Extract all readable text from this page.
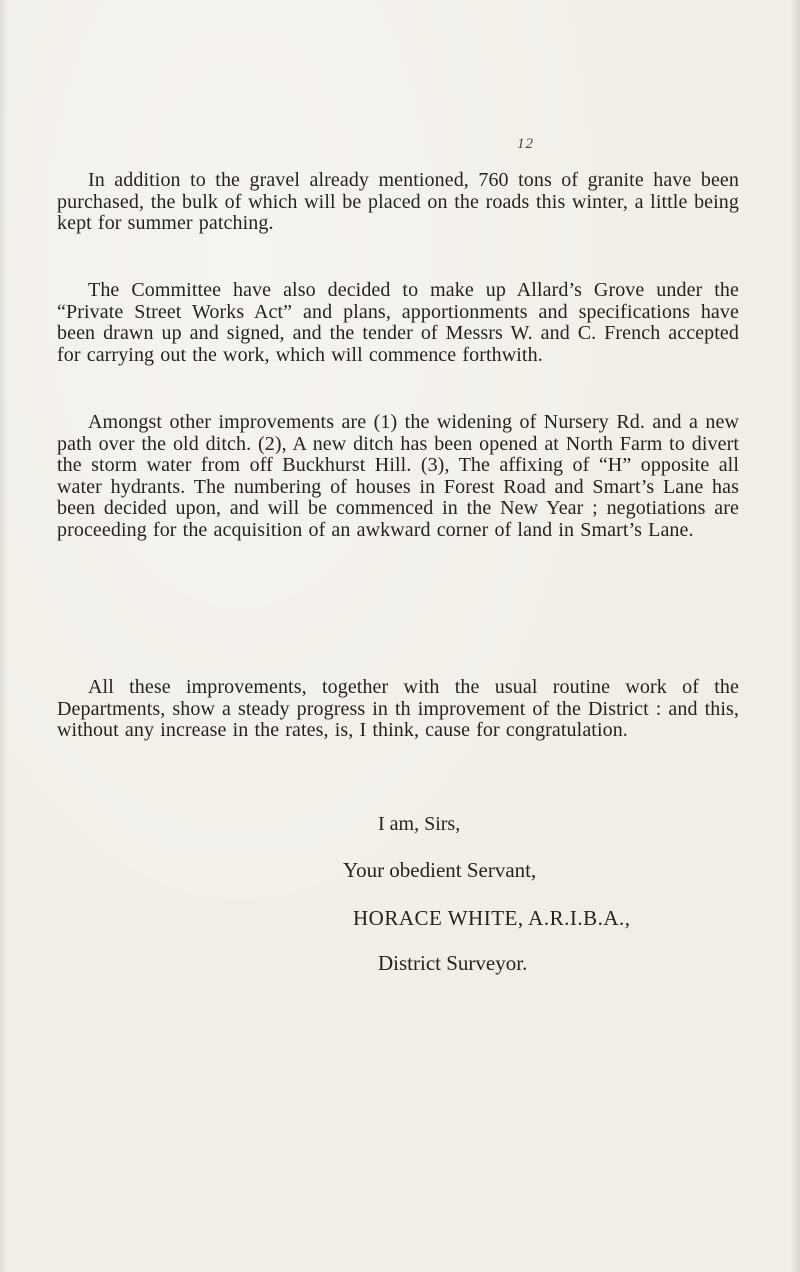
12

In addition to the gravel already mentioned, 760 tons of granite have been purchased, the bulk of which will be placed on the roads this winter, a little being kept for summer patching.

The Committee have also decided to make up Allard’s Grove under the “Private Street Works Act” and plans, apportionments and specifications have been drawn up and signed, and the tender of Messrs W. and C. French accepted for carrying out the work, which will commence forthwith.

Amongst other improvements are (1) the widening of Nursery Rd. and a new path over the old ditch. (2), A new ditch has been opened at North Farm to divert the storm water from off Buckhurst Hill. (3), The affixing of “H” opposite all water hydrants. The numbering of houses in Forest Road and Smart’s Lane has been decided upon, and will be commenced in the New Year ; negotiations are proceeding for the acquisition of an awkward corner of land in Smart’s Lane.

All these improvements, together with the usual routine work of the Departments, show a steady progress in th improvement of the District : and this, without any increase in the rates, is, I think, cause for congratulation.

I am, Sirs,
Your obedient Servant,
HORACE WHITE, A.R.I.B.A.,
District Surveyor.
